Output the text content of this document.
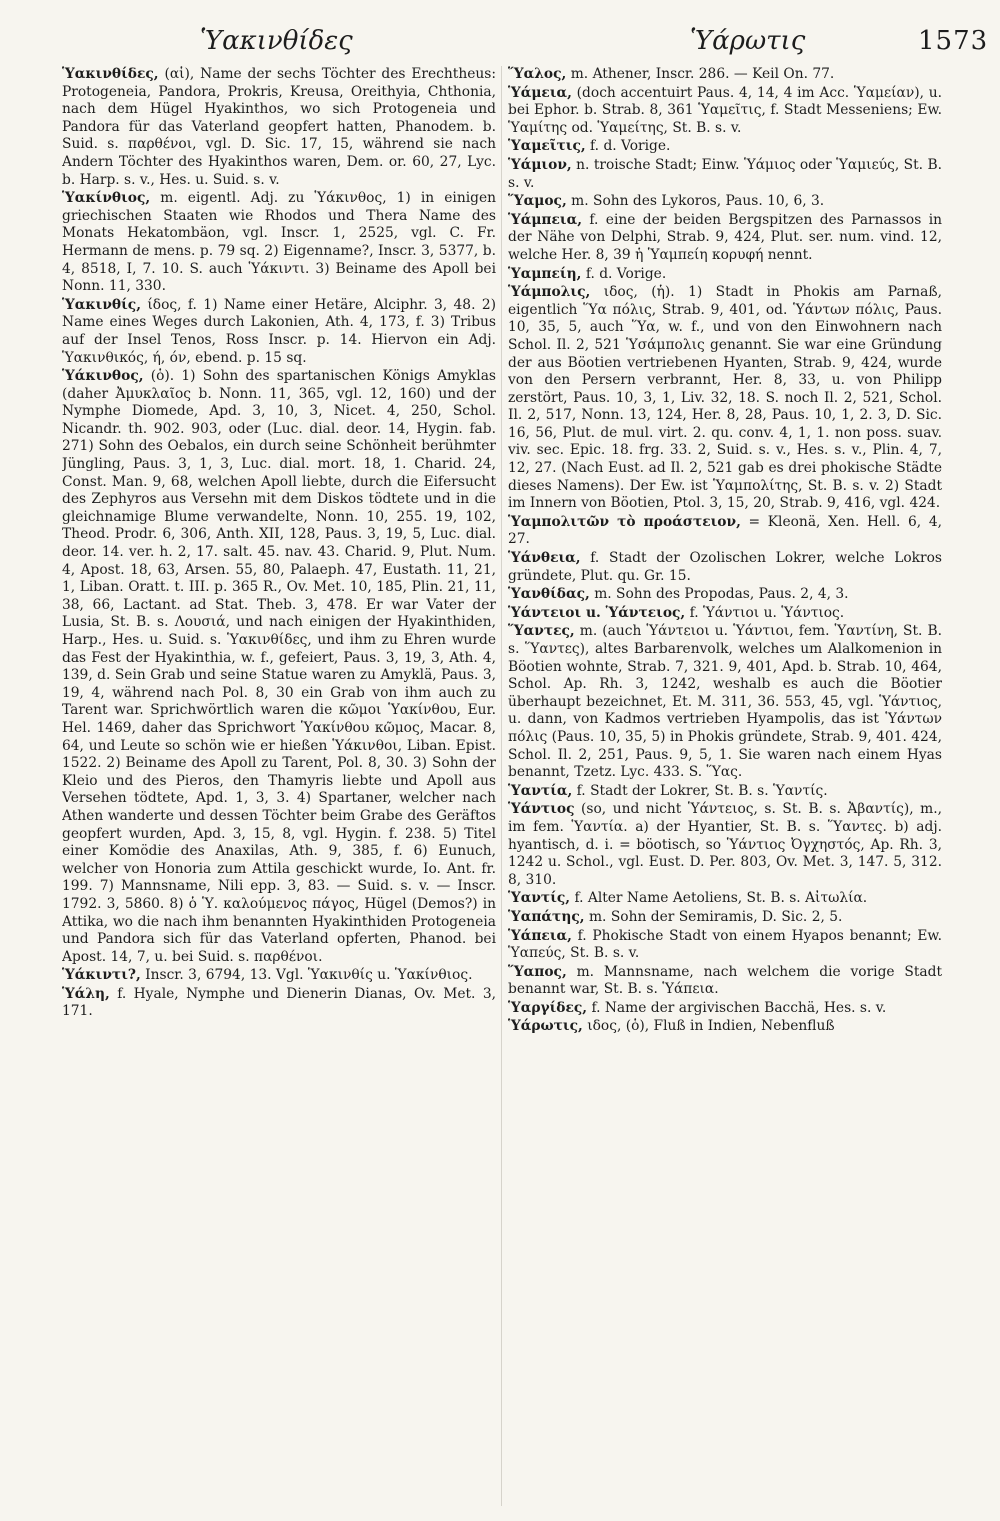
Ὑακινθίδες	Ὑάρωτις	1573

Ὑακινθίδες, (αἱ), Name der sechs Töchter des Erechtheus: Protogeneia, Pandora, Prokris, Kreusa, Oreithyia, Chthonia, nach dem Hügel Hyakinthos, wo sich Protogeneia und Pandora für das Vaterland geopfert hatten, Phanodem. b. Suid. s. παρθένοι, vgl. D. Sic. 17, 15, während sie nach Andern Töchter des Hyakinthos waren, Dem. or. 60, 27, Lyc. b. Harp. s. v., Hes. u. Suid. s. v.

Ὑακίνθιος, m. eigentl. Adj. zu Ὑάκινθος, 1) in einigen griechischen Staaten wie Rhodos und Thera Name des Monats Hekatombäon, vgl. Inscr. 1, 2525, vgl. C. Fr. Hermann de mens. p. 79 sq. 2) Eigenname?, Inscr. 3, 5377, b. 4, 8518, I, 7. 10. S. auch Ὑάκιντι. 3) Beiname des Apoll bei Nonn. 11, 330.

Ὑακινθίς, ίδος, f. 1) Name einer Hetäre, Alciphr. 3, 48. 2) Name eines Weges durch Lakonien, Ath. 4, 173, f. 3) Tribus auf der Insel Tenos, Ross Inscr. p. 14. Hiervon ein Adj. Ὑακινθικός, ή, όν, ebend. p. 15 sq.

Ὑάκινθος, (ὁ). 1) Sohn des spartanischen Königs Amyklas (daher Ἀμυκλαῖος b. Nonn. 11, 365, vgl. 12, 160) und der Nymphe Diomede, Apd. 3, 10, 3, Nicet. 4, 250, Schol. Nicandr. th. 902. 903, oder (Luc. dial. deor. 14, Hygin. fab. 271) Sohn des Oebalos, ein durch seine Schönheit berühmter Jüngling, Paus. 3, 1, 3, Luc. dial. mort. 18, 1. Charid. 24, Const. Man. 9, 68, welchen Apoll liebte, durch die Eifersucht des Zephyros aus Versehn mit dem Diskos tödtete und in die gleichnamige Blume verwandelte, Nonn. 10, 255. 19, 102, Theod. Prodr. 6, 306, Anth. XII, 128, Paus. 3, 19, 5, Luc. dial. deor. 14. ver. h. 2, 17. salt. 45. nav. 43. Charid. 9, Plut. Num. 4, Apost. 18, 63, Arsen. 55, 80, Palaeph. 47, Eustath. 11, 21, 1, Liban. Oratt. t. III. p. 365 R., Ov. Met. 10, 185, Plin. 21, 11, 38, 66, Lactant. ad Stat. Theb. 3, 478. Er war Vater der Lusia, St. B. s. Λουσιά, und nach einigen der Hyakinthiden, Harp., Hes. u. Suid. s. Ὑακινθίδες, und ihm zu Ehren wurde das Fest der Hyakinthia, w. f., gefeiert, Paus. 3, 19, 3, Ath. 4, 139, d. Sein Grab und seine Statue waren zu Amyklä, Paus. 3, 19, 4, während nach Pol. 8, 30 ein Grab von ihm auch zu Tarent war. Sprichwörtlich waren die κῶμοι Ὑακίνθου, Eur. Hel. 1469, daher das Sprichwort Ὑακίνθου κῶμος, Macar. 8, 64, und Leute so schön wie er hießen Ὑάκινθοι, Liban. Epist. 1522. 2) Beiname des Apoll zu Tarent, Pol. 8, 30. 3) Sohn der Kleio und des Pieros, den Thamyris liebte und Apoll aus Versehen tödtete, Apd. 1, 3, 3. 4) Spartaner, welcher nach Athen wanderte und dessen Töchter beim Grabe des Geräftos geopfert wurden, Apd. 3, 15, 8, vgl. Hygin. f. 238. 5) Titel einer Komödie des Anaxilas, Ath. 9, 385, f. 6) Eunuch, welcher von Honoria zum Attila geschickt wurde, Io. Ant. fr. 199. 7) Mannsname, Nili epp. 3, 83. — Suid. s. v. — Inscr. 1792. 3, 5860. 8) ὁ Ὑ. καλούμενος πάγος, Hügel (Demos?) in Attika, wo die nach ihm benannten Hyakinthiden Protogeneia und Pandora sich für das Vaterland opferten, Phanod. bei Apost. 14, 7, u. bei Suid. s. παρθένοι.

Ὑάκιντι?, Inscr. 3, 6794, 13. Vgl. Ὑακινθίς u. Ὑακίνθιος.

Ὑάλη, f. Hyale, Nymphe und Dienerin Dianas, Ov. Met. 3, 171.

Ὕαλος, m. Athener, Inscr. 286. — Keil On. 77.

Ὑάμεια, (doch accentuirt Paus. 4, 14, 4 im Acc. Ὑαμείαν), u. bei Ephor. b. Strab. 8, 361 Ὑαμεῖτις, f. Stadt Messeniens; Ew. Ὑαμίτης od. Ὑαμείτης, St. B. s. v.

Ὑαμεῖτις, f. d. Vorige.

Ὑάμιον, n. troische Stadt; Einw. Ὑάμιος oder Ὑαμιεύς, St. B. s. v.

Ὕαμος, m. Sohn des Lykoros, Paus. 10, 6, 3.

Ὑάμπεια, f. eine der beiden Bergspitzen des Parnassos in der Nähe von Delphi, Strab. 9, 424, Plut. ser. num. vind. 12, welche Her. 8, 39 ἡ Ὑαμπείη κορυφή nennt.

Ὑαμπείη, f. d. Vorige.

Ὑάμπολις, ιδος, (ἡ). 1) Stadt in Phokis am Parnaß, eigentlich Ὕα πόλις, Strab. 9, 401, od. Ὑάντων πόλις, Paus. 10, 35, 5, auch Ὕα, w. f., und von den Einwohnern nach Schol. Il. 2, 521 Ὑσάμπολις genannt. Sie war eine Gründung der aus Böotien vertriebenen Hyanten, Strab. 9, 424, wurde von den Persern verbrannt, Her. 8, 33, u. von Philipp zerstört, Paus. 10, 3, 1, Liv. 32, 18. S. noch Il. 2, 521, Schol. Il. 2, 517, Nonn. 13, 124, Her. 8, 28, Paus. 10, 1, 2. 3, D. Sic. 16, 56, Plut. de mul. virt. 2. qu. conv. 4, 1, 1. non poss. suav. viv. sec. Epic. 18. frg. 33. 2, Suid. s. v., Hes. s. v., Plin. 4, 7, 12, 27. (Nach Eust. ad Il. 2, 521 gab es drei phokische Städte dieses Namens). Der Ew. ist Ὑαμπολίτης, St. B. s. v. 2) Stadt im Innern von Böotien, Ptol. 3, 15, 20, Strab. 9, 416, vgl. 424.

Ὑαμπολιτῶν τὸ προάστειον, = Kleonä, Xen. Hell. 6, 4, 27.

Ὑάνθεια, f. Stadt der Ozolischen Lokrer, welche Lokros gründete, Plut. qu. Gr. 15.

Ὑανθίδας, m. Sohn des Propodas, Paus. 2, 4, 3.

Ὑάντειοι u. Ὑάντειος, f. Ὑάντιοι u. Ὑάντιος.

Ὕαντες, m. (auch Ὑάντειοι u. Ὑάντιοι, fem. Ὑαντίνη, St. B. s. Ὕαντες), altes Barbarenvolk, welches um Alalkomenion in Böotien wohnte, Strab. 7, 321. 9, 401, Apd. b. Strab. 10, 464, Schol. Ap. Rh. 3, 1242, weshalb es auch die Böotier überhaupt bezeichnet, Et. M. 311, 36. 553, 45, vgl. Ὑάντιος, u. dann, von Kadmos vertrieben Hyampolis, das ist Ὑάντων πόλις (Paus. 10, 35, 5) in Phokis gründete, Strab. 9, 401. 424, Schol. Il. 2, 251, Paus. 9, 5, 1. Sie waren nach einem Hyas benannt, Tzetz. Lyc. 433. S. Ὕας.

Ὑαντία, f. Stadt der Lokrer, St. B. s. Ὑαντίς.

Ὑάντιος (so, und nicht Ὑάντειος, s. St. B. s. Ἀβαντίς), m., im fem. Ὑαντία. a) der Hyantier, St. B. s. Ὕαντες. b) adj. hyantisch, d. i. = böotisch, so Ὑάντιος Ὀγχηστός, Ap. Rh. 3, 1242 u. Schol., vgl. Eust. D. Per. 803, Ov. Met. 3, 147. 5, 312. 8, 310.

Ὑαντίς, f. Alter Name Aetoliens, St. B. s. Αἰτωλία.

Ὑαπάτης, m. Sohn der Semiramis, D. Sic. 2, 5.

Ὑάπεια, f. Phokische Stadt von einem Hyapos benannt; Ew. Ὑαπεύς, St. B. s. v.

Ὕαπος, m. Mannsname, nach welchem die vorige Stadt benannt war, St. B. s. Ὑάπεια.

Ὑαργίδες, f. Name der argivischen Bacchä, Hes. s. v.

Ὑάρωτις, ιδος, (ὁ), Fluß in Indien, Nebenfluß
